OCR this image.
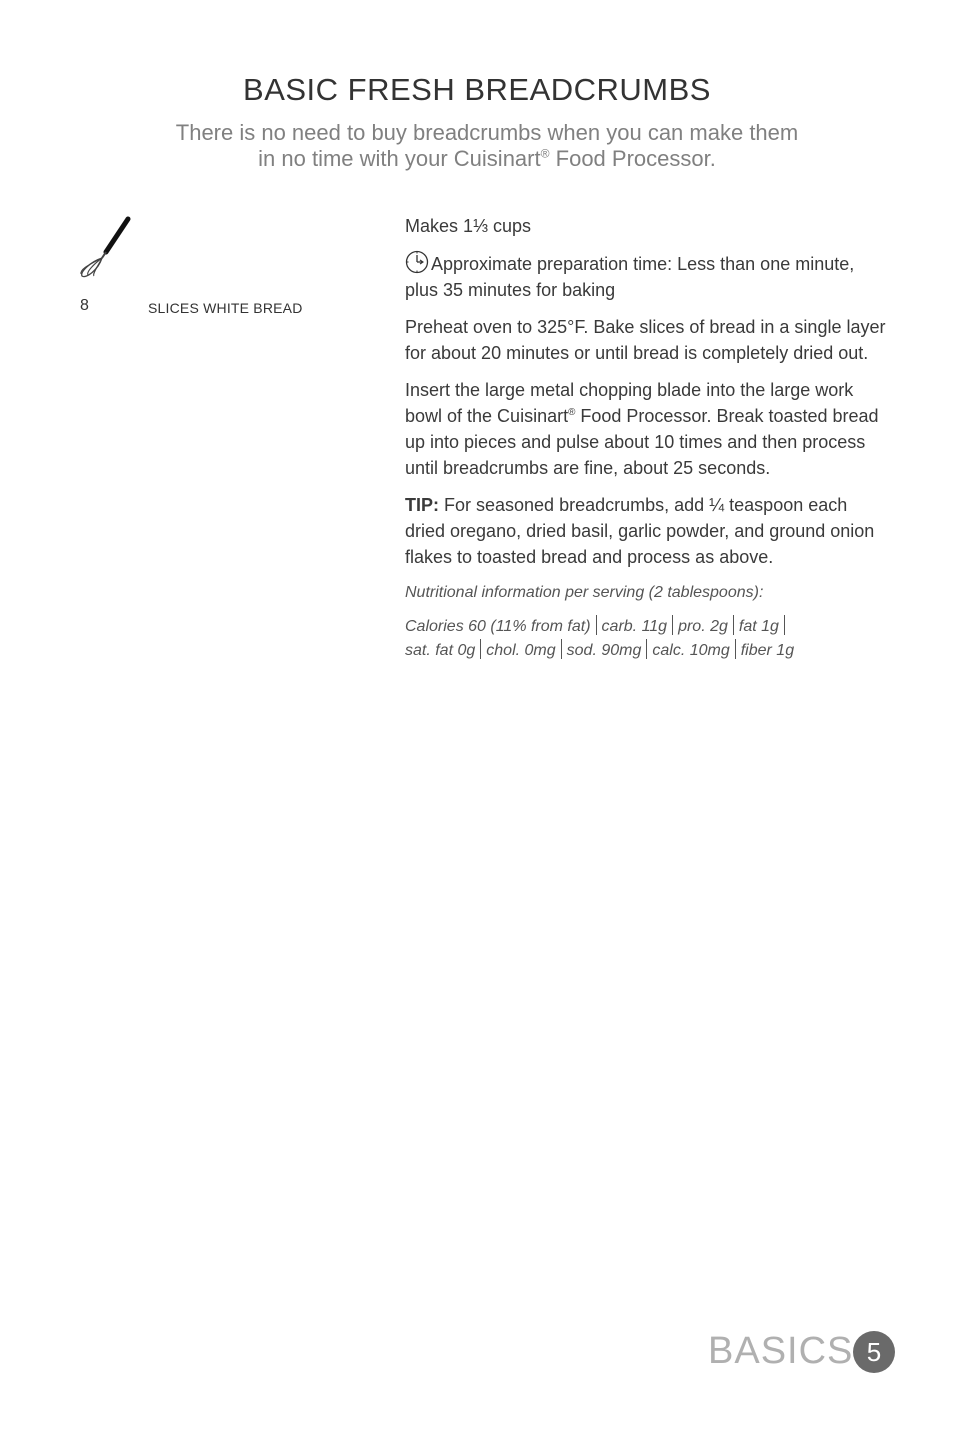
BASIC FRESH BREADCRUMBS

There is no need to buy breadcrumbs when you can make them
in no time with your Cuisinart® Food Processor.

8	SLICES WHITE BREAD

Makes 1⅓ cups

Approximate preparation time: Less than one minute, plus 35 minutes for baking

Preheat oven to 325°F. Bake slices of bread in a single layer for about 20 minutes or until bread is completely dried out.

Insert the large metal chopping blade into the large work bowl of the Cuisinart® Food Processor. Break toasted bread up into pieces and pulse about 10 times and then process until breadcrumbs are fine, about 25 seconds.

TIP: For seasoned breadcrumbs, add ¼ teaspoon each dried oregano, dried basil, garlic powder, and ground onion flakes to toasted bread and process as above.

Nutritional information per serving (2 tablespoons):

Calories 60 (11% from fat) carb. 11g pro. 2g fat 1g
sat. fat 0g chol. 0mg sod. 90mg calc. 10mg fiber 1g

BASICS 5
